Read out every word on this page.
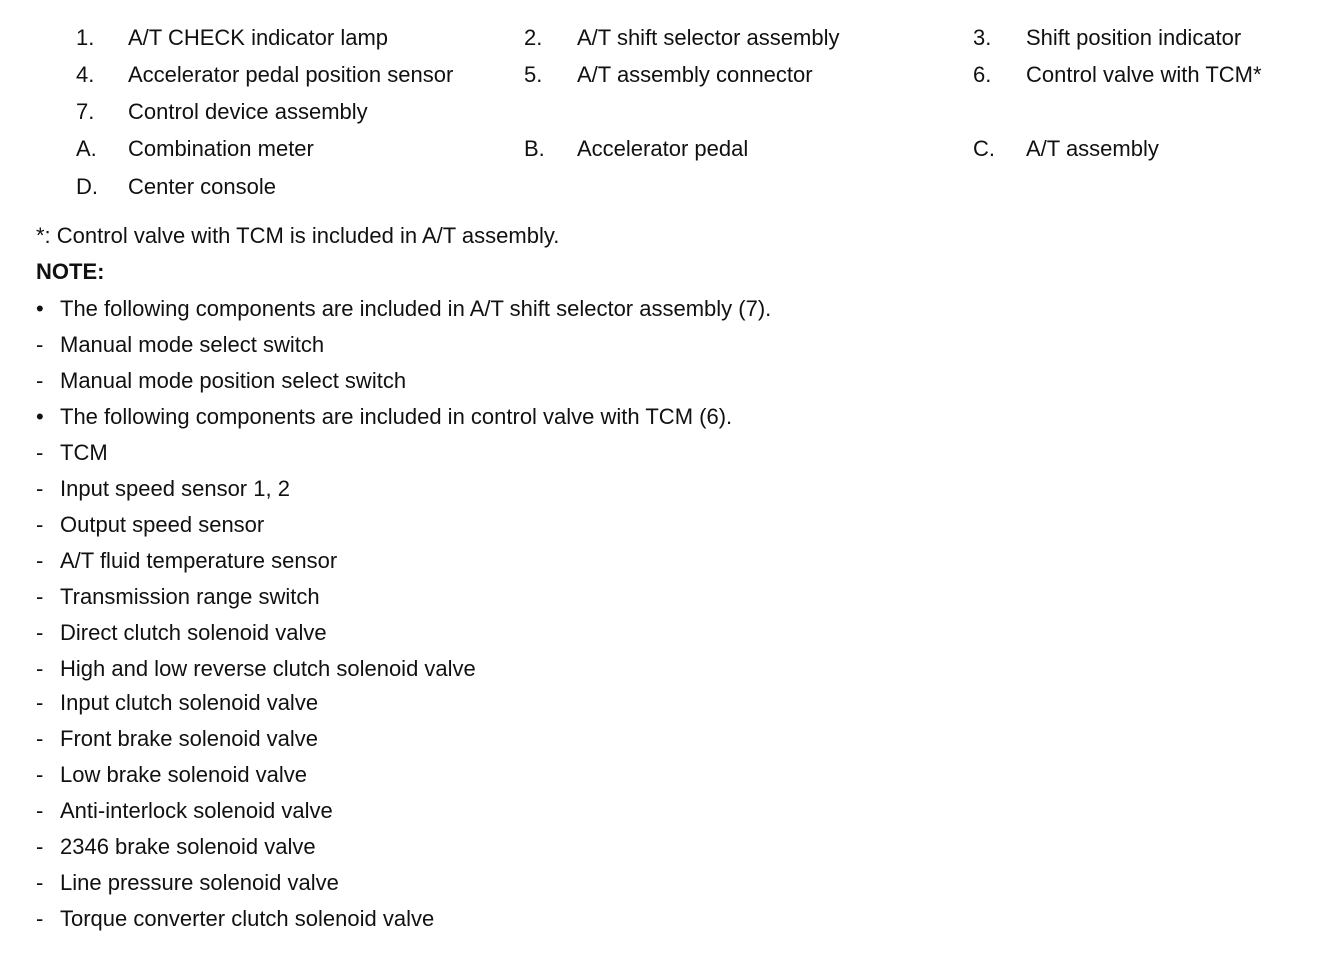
1. A/T CHECK indicator lamp	2. A/T shift selector assembly	3. Shift position indicator
4. Accelerator pedal position sensor	5. A/T assembly connector	6. Control valve with TCM*
7. Control device assembly
A. Combination meter	B. Accelerator pedal	C. A/T assembly
D. Center console
*: Control valve with TCM is included in A/T assembly.
NOTE:
• The following components are included in A/T shift selector assembly (7).
- Manual mode select switch
- Manual mode position select switch
• The following components are included in control valve with TCM (6).
- TCM
- Input speed sensor 1, 2
- Output speed sensor
- A/T fluid temperature sensor
- Transmission range switch
- Direct clutch solenoid valve
- High and low reverse clutch solenoid valve
- Input clutch solenoid valve
- Front brake solenoid valve
- Low brake solenoid valve
- Anti-interlock solenoid valve
- 2346 brake solenoid valve
- Line pressure solenoid valve
- Torque converter clutch solenoid valve
